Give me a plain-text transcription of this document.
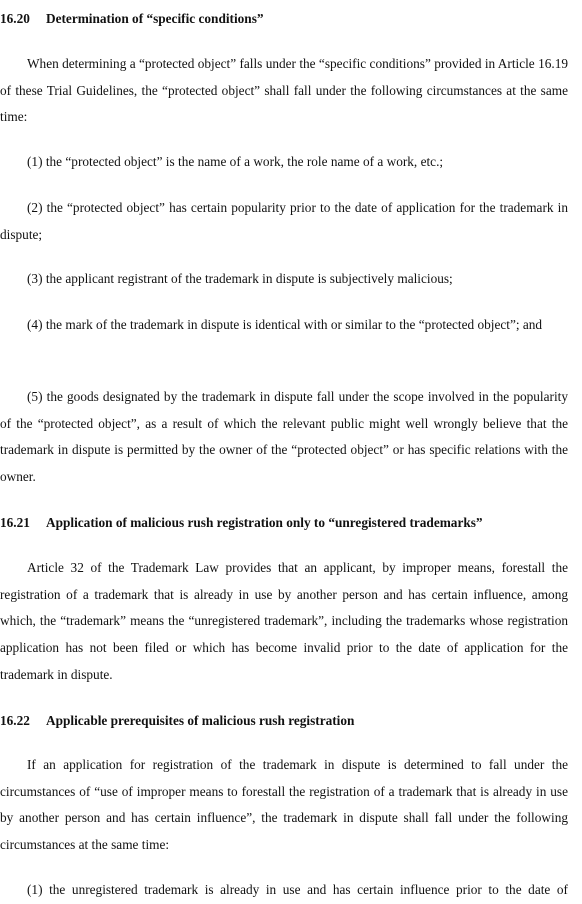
16.20 Determination of “specific conditions”

When determining a “protected object” falls under the “specific conditions” provided in Article 16.19 of these Trial Guidelines, the “protected object” shall fall under the following circumstances at the same time:

(1) the “protected object” is the name of a work, the role name of a work, etc.;

(2) the “protected object” has certain popularity prior to the date of application for the trademark in dispute;

(3) the applicant registrant of the trademark in dispute is subjectively malicious;

(4) the mark of the trademark in dispute is identical with or similar to the “protected object”; and

(5) the goods designated by the trademark in dispute fall under the scope involved in the popularity of the “protected object”, as a result of which the relevant public might well wrongly believe that the trademark in dispute is permitted by the owner of the “protected object” or has specific relations with the owner.

16.21 Application of malicious rush registration only to “unregistered trademarks”

Article 32 of the Trademark Law provides that an applicant, by improper means, forestall the registration of a trademark that is already in use by another person and has certain influence, among which, the “trademark” means the “unregistered trademark”, including the trademarks whose registration application has not been filed or which has become invalid prior to the date of application for the trademark in dispute.

16.22 Applicable prerequisites of malicious rush registration

If an application for registration of the trademark in dispute is determined to fall under the circumstances of “use of improper means to forestall the registration of a trademark that is already in use by another person and has certain influence”, the trademark in dispute shall fall under the following circumstances at the same time:

(1) the unregistered trademark is already in use and has certain influence prior to the date of
